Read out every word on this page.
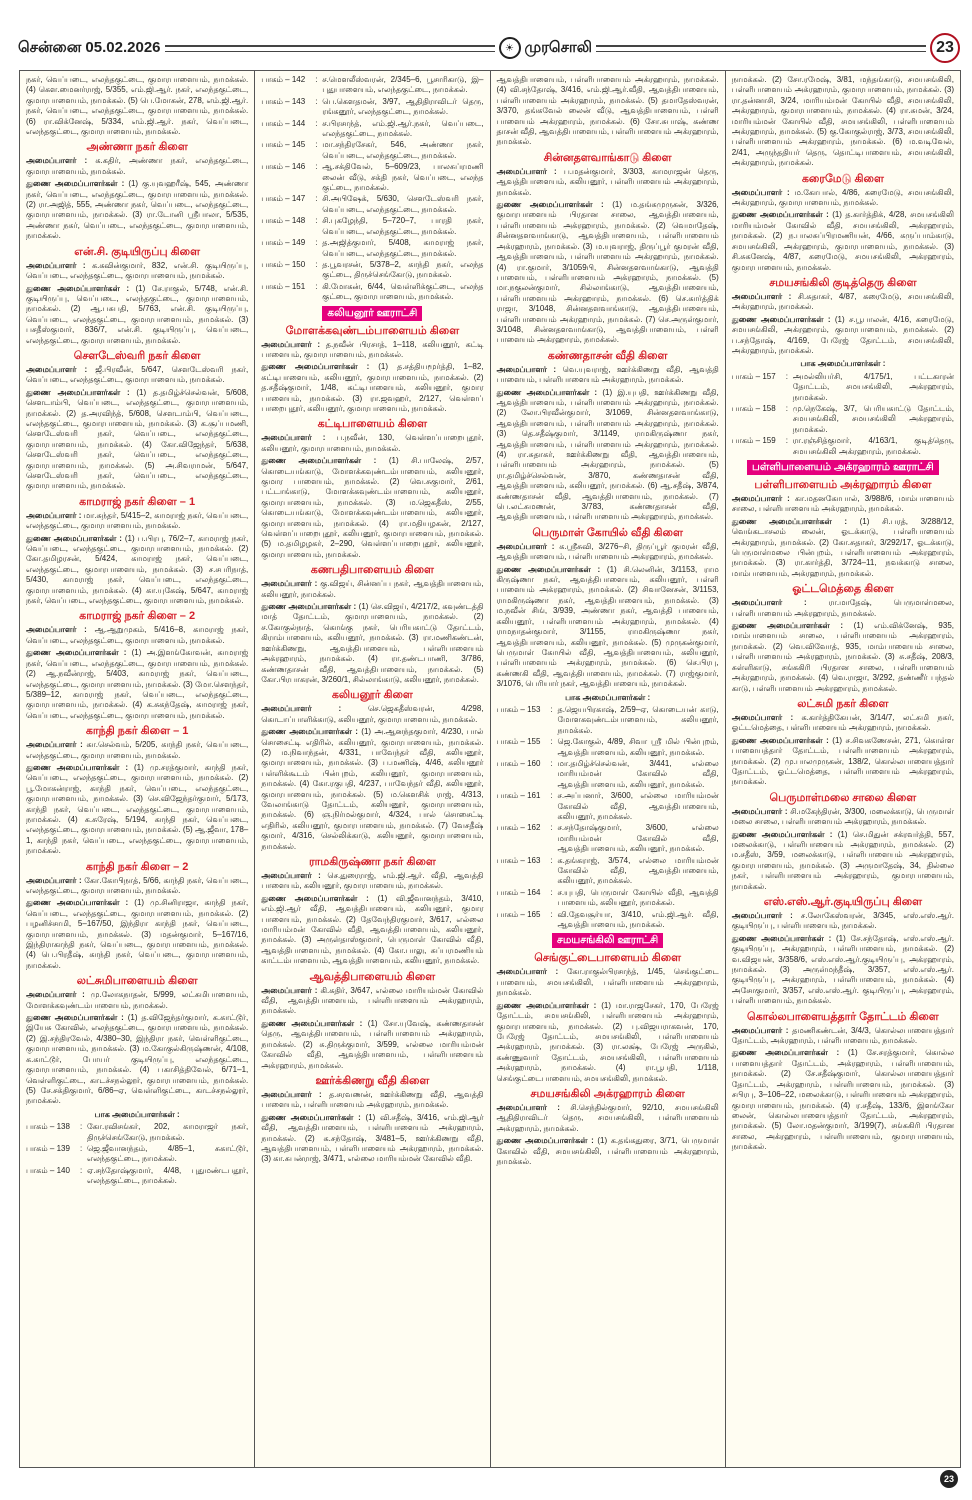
சென்னை 05.02.2026	☀ முரசொலி	23

நகர், வெப்படை, எலந்தகுட்டை, குமாரபாளையம், நாமக்கல். (4) கௌ.மைனர்ராஜ், 5/355, எம்.ஜி.ஆர். நகர், எலந்தகுட்டை, குமாரபாளையம், நாமக்கல். (5) பெ.மோகன், 278, எம்.ஜி.ஆர். நகர், வெப்படை, எலந்தகுட்டை, குமாரபாளையம், நாமக்கல். (6) ரா.விக்னேஷ், 5/334, எம்.ஜி.ஆர். நகர், வெப்படை, எலந்தகுட்டை, குமாரபாளையம், நாமக்கல்.

அண்ணா நகர் கிளை

அமைப்பாளர் : க.கதிர், அண்ணா நகர், எலந்தகுட்டை, குமாரபாளையம், நாமக்கல்.

துணை அமைப்பாளர்கள் : (1) கு.யுவஹரீஷ், 545, அண்ணா நகர், வெப்படை, எலந்தகுட்டை, குமாரபாளையம், நாமக்கல். (2) ரா.அஜித், 555, அண்ணா நகர், வெப்படை, எலந்தகுட்டை, குமாரபாளையம், நாமக்கல். (3) ரா.டோனி ஸ்ரீபாலா, 5/535, அண்ணா நகர், வெப்படை, எலந்தகுட்டை, குமாரபாளையம், நாமக்கல்.

என்.சி. குடியிருப்பு கிளை

அமைப்பாளர் : க.கவின்குமார், 832, என்.சி. குடியிருப்பு, வெப்படை, எலந்தகுட்டை, குமாரபாளையம், நாமக்கல்.

துணை அமைப்பாளர்கள் : (1) சே.ராகுல், 5/748, என்.சி. குடியிருப்பு, வெப்படை, எலந்தகுட்டை, குமாரபாளையம், நாமக்கல். (2) ஆ.பசுபதி, 5/763, என்.சி. குடியிருப்பு, வெப்படை, எலந்தகுட்டை, குமாரபாளையம், நாமக்கல். (3) பசதீஸ்குமார், 836/7, என்.சி. குடியிருப்பு, வெப்படை, எலந்தகுட்டை, குமாரபாளையம், நாமக்கல்.

செளடேஸ்வரி நகர் கிளை

அமைப்பாளர் : ஜீ.பிரவீன், 5/647, செளடேஸ்வரி நகர், வெப்படை, எலந்தகுட்டை, குமாரபாளையம், நாமக்கல்.

துணை அமைப்பாளர்கள் : (1) த.தமிழ்ச்செல்வன், 5/608, செளடாம்பி, வெப்படை, எலந்தகுட்டை, குமாரபாளையம், நாமக்கல். (2) த.அரவிந்த், 5/608, செளடாம்பி, வெப்படை, எலந்தகுட்டை, குமாரபாளையம், நாமக்கல். (3) க.சூப்பமணி, செளடேஸ்வரி நகர், வெப்படை, எலந்தகுட்டை, குமாரபாளையம், நாமக்கல். (4) கோ.விஜேந்தர், 5/638, செளடேஸ்வரி நகர், வெப்படை, எலந்தகுட்டை, குமாரபாளையம், நாமக்கல். (5) அ.சிவராமன், 5/647, செளடேஸ்வரி நகர், வெப்படை, எலந்தகுட்டை, குமாரபாளையம், நாமக்கல்.

காமராஜ் நகர் கிளை – 1

அமைப்பாளர் : மா.சுந்தர், 5/415–2, காமராஜ் நகர், வெப்படை, எலந்தகுட்டை, குமாரபாளையம், நாமக்கல்.

துணை அமைப்பாளர்கள் : (1) ப.பிரபு, 76/2–7, காமராஜ் நகர், வெப்படை, எலந்தகுட்டை, குமாரபாளையம், நாமக்கல். (2) கோ.தமிழரசன், 5/424, காமராஜ் நகர், வெப்படை, எலந்தகுட்டை, குமாரபாளையம், நாமக்கல். (3) ச.சபரிநாத், 5/430, காமராஜ் நகர், வெப்படை, எலந்தகுட்டை, குமாரபாளையம், நாமக்கல். (4) கா.யுகேஷ், 5/647, காமராஜ் நகர், வெப்படை, எலந்தகுட்டை, குமாரபாளையம், நாமக்கல்.

காமராஜ் நகர் கிளை – 2

அமைப்பாளர் : ஆ.ஆறுமுகம், 5/416–8, காமராஜ் நகர், வெப்படை, எலந்தகுட்டை, குமாரபாளையம், நாமக்கல்.

துணை அமைப்பாளர்கள் : (1) அ.இளங்கோவன், காமராஜ் நகர், வெப்படை, எலந்தகுட்டை, குமாரபாளையம், நாமக்கல். (2) ஆ.நவீன்ராஜ், 5/403, காமராஜ் நகர், வெப்படை, எலந்தகுட்டை, குமாரபாளையம், நாமக்கல். (3) மோ.செளந்தர், 5/389–12, காமராஜ் நகர், வெப்படை, எலந்தகுட்டை, குமாரபாளையம், நாமக்கல். (4) க.சுகந்தேஷ், காமராஜ் நகர், வெப்படை, எலந்தகுட்டை, குமாரபாளையம், நாமக்கல்.

காந்தி நகர் கிளை – 1

அமைப்பாளர் : கா.செல்வம், 5/205, காந்தி நகர், வெப்படை, எலந்தகுட்டை, குமாரபாளையம், நாமக்கல்.

துணை அமைப்பாளர்கள் : (1) மு.சரத்குமார், காந்தி நகர், வெப்படை, எலந்தகுட்டை, குமாரபாளையம், நாமக்கல். (2) பூ.மோகன்ராஜ், காந்தி நகர், வெப்படை, எலந்தகுட்டை, குமாரபாளையம், நாமக்கல். (3) செ.விஜேந்தர்குமார், 5/173, காந்தி நகர், வெப்படை, எலந்தகுட்டை, குமாரபாளையம், நாமக்கல். (4) க.சுரேஷ், 5/194, காந்தி நகர், வெப்படை, எலந்தகுட்டை, குமாரபாளையம், நாமக்கல். (5) ஆ.ஜீவா, 178–1, காந்தி நகர், வெப்படை, எலந்தகுட்டை, குமாரபாளையம், நாமக்கல்.

காந்தி நகர் கிளை – 2

அமைப்பாளர் : கோ.கோபிநாத், 5/66, காந்தி நகர், வெப்படை, எலந்தகுட்டை, குமாரபாளையம், நாமக்கல்.

துணை அமைப்பாளர்கள் : (1) மு.சினிராஜா, காந்தி நகர், வெப்படை, எலந்தகுட்டை, குமாரபாளையம், நாமக்கல். (2) பழனிச்சாமி, 5–167/50, இந்திரா காந்தி நகர், வெப்படை, குமாரபாளையம், நாமக்கல். (3) மதன்குமார், 5–167/16, இந்திராகாந்தி நகர், வெப்படை, குமாரபாளையம், நாமக்கல். (4) பெ.பிரதீஷ், காந்தி நகர், வெப்படை, குமாரபாளையம், நாமக்கல்.

லட்சுமிபாளையம் கிளை

அமைப்பாளர் : மு.லோகநாதன், 5/999, லட்சுமிபாளையம், மோளக்கவுண்டம்பாளையம், நாமக்கல்.

துணை அமைப்பாளர்கள் : (1) த.விஜேந்தர்குமார், க.காட்டூர், இயேசு கோவில், எலந்தகுட்டை, குமாரபாளையம், நாமக்கல். (2) இ.சந்திரவேல், 4/380–30, இந்திரா நகர், வெள்ளிகுட்டை, குமாரபாளையம், நாமக்கல். (3) ம.கோகுல்கிருஷ்ணன், 4/108, க.காட்டூர், போயர் குடியிருப்பு, எலந்தகுட்டை, குமாரபாளையம், நாமக்கல். (4) பகாசித்திவேல், 6/71–1, வெள்ளிகுட்டை, காடச்சநல்லூர், குமாரபாளையம், நாமக்கல். (5) சே.சக்திகுமார், 6/86–ஏ, வெள்ளிகுட்டை, காடச்சநல்லூர், நாமக்கல்.

பாக அமைப்பாளர்கள் :
பாகம் – 138	: கோ.ரவிசங்கர், 202, காமராஜர் நகர், திருச்செங்கோடு, நாமக்கல்.
பாகம் – 139	: ஜெ.ஜீவானந்தம், 4/85–1, சுகாட்டூர், எலந்தகுட்டை, நாமக்கல்.
பாகம் – 140	: ஏ.சந்தோஷ்குமார், 4/48, புதுமண்டபதூர், எலந்தகுட்டை, நாமக்கல்.
பாகம் – 142	: ச.மௌலீஸ்வரன், 2/345–6, பூசாரிகாடு, இ–புதுபாளையம், எலந்தகுட்டை, நாமக்கல்.
பாகம் – 143	: பெ.கௌதமன், 3/97, ஆதிதிராவிடர் தெரு, ரங்கனூர், எலந்தகுட்டை, நாமக்கல்.
பாகம் – 144	: ச.பிரசாந்த், எம்.ஜி.ஆர்.நகர், வெப்படை, எலந்தகுட்டை, நாமக்கல்.
பாகம் – 145	: மா.சந்திரசேகர், 546, அண்ணா நகர், வெப்படை, எலந்தகுட்டை, நாமக்கல்.
பாகம் – 146	: ஆ.சக்திவேல், 5–609/23, பாலசுப்ரமணி லைன் வீடு, சக்தி நகர், வெப்படை, எலந்த குட்டை, நாமக்கல்.
பாகம் – 147	: சி.அபிஷேக், 5/630, செளடேஸ்வரி நகர், வெப்படை, எலந்தகுட்டை, நாமக்கல்.
பாகம் – 148	: சி.புகழேந்தி, 5–720–7, பாரதி நகர், வெப்படை, எலந்தகுட்டை, நாமக்கல்.
பாகம் – 149	: த.அஜித்குமார், 5/408, காமராஜ் நகர், வெப்படை, எலந்தகுட்டை, நாமக்கல்.
பாகம் – 150	: த.பூவரசன், 5/378–2, காந்தி நகர், எலந்த குட்டை, திருச்செங்கோடு, நாமக்கல்.
பாகம் – 151	: கி.மோகன், 6/44, வெள்ளிக்குட்டை, எலந்த குட்டை, குமாரபாளையம், நாமக்கல்.
கலியனூர் ஊராட்சி
மோளக்கவுண்டம்பாளையம் கிளை

அமைப்பாளர் : த.நவீன் பிரசாத், 1–118, கலியனூர், கட்டி பாளையம், குமாரபாளையம், நாமக்கல்.

துணை அமைப்பாளர்கள் : (1) த.சத்தியமூர்த்தி, 1–82, கட்டிபாளையம், கலியனூர், குமாரபாளையம், நாமக்கல். (2) த.சதீஷ்குமார், 1/48, கட்டிபாளையம், கலியனூர், குமார பாளையம், நாமக்கல். (3) ரா.ஜவஹர், 2/127, வெள்ளப் பாறைபுதூர், கலியனூர், குமாரபாளையம், நாமக்கல்.

கட்டிபாளையம் கிளை

அமைப்பாளர் : ப.நவீன், 130, வெள்ளப்பாறைபுதூர், கலியனூர், குமாரபாளையம், நாமக்கல்.

துணை அமைப்பாளர்கள் : (1) சி.பாலேஷ், 2/57, கொடையங்காடு, மோளக்கவுண்டம்பாளையம், கலியனூர், குமார பாளையம், நாமக்கல். (2) வெ.சுகுமார், 2/61, பட்டாங்காடு, மோளக்கவுண்டம்பாளையம், கலியனூர், குமாரபாளையம், நாமக்கல். (3) ம.ஜெகதீஸ், 2/55, கொடையங்காடு, மோளக்கவுண்டம்பாளையம், கலியனூர், குமாரபாளையம், நாமக்கல். (4) ரா.மதியழகன், 2/127, வெள்ளப்பாறைபுதூர், கலியனூர், குமாரபாளையம், நாமக்கல். (5) ம.தமிழழகர், 2–290, வெள்ளப்பாறைபுதூர், கலியனூர், குமாரபாளையம், நாமக்கல்.

கணபதிபாளையம் கிளை

அமைப்பாளர் : கு.விஜய், சின்னப்ப நகர், ஆவத்திபாளையம், கலியனூர், நாமக்கல்.

துணை அமைப்பாளர்கள் : (1) செ.விஜய், 4/217/2, கவுண்டத்தி மாத் தோட்டம், குமாரபாளையம், நாமக்கல். (2) ச.கோகுல்நாத், கொங்கு நகர், பெரியகாட்டு தோட்டம், கிராம்பாளையம், கலியனூர், நாமக்கல். (3) ரா.மணிகண்டன், ஊர்க்கிணறு, ஆவத்திபாளையம், பள்ளிபாளையம் அக்ரஹாரம், நாமக்கல். (4) ரா.தண்டபாணி, 3/786, கண்ணதாசன் வீதி, ஆவத்திபாளையம், நாமக்கல். (5) கோ.பிரபாகரன், 3/260/1, சில்லாங்காடு, கலியனூர், நாமக்கல்.

கலியனூர் கிளை

அமைப்பாளர் : செ.ஜெகதீஸ்வரன், 4/298, கொடாப்பாளிக்காடு, கலியனூர், குமாரபாளையம், நாமக்கல்.

துணை அமைப்பாளர்கள் : (1) அ.ஆனந்தகுமார், 4/230, பால் சொசைட்டி எதிரில், கலியனூர், குமாரபாளையம், நாமக்கல். (2) ம.நிவாந்தன், 4/331, பாவேந்தர் வீதி, கலியனூர், குமாரபாளையம், நாமக்கல். (3) ப.மணிஷ், 4/46, கலியனூர் பள்ளிக்கூடம் பின்புறம், கலியனூர், குமாரபாளையம், நாமக்கல். (4) கோ.ரகுபதி, 4/237, பாவேந்தர் வீதி, கலியனூர், குமாரபாளையம், நாமக்கல். (5) ம.கௌசிக் ராஜ், 4/313, வேலாங்காடு தோட்டம், கலியனூர், குமாரபாளையம், நாமக்கல். (6) ஞ.நிர்மல்குமார், 4/324, பால் சொசைட்டி எதிரில், கலியனூர், குமாரபாளையம், நாமக்கல். (7) வேசதீஷ் குமார், 4/316, செல்லிக்காடு, கலியனூர், குமாரபாளையம், நாமக்கல்.

ராமகிருஷ்ணா நகர் கிளை

அமைப்பாளர் : செ.துரைராஜ், எம்.ஜி.ஆர். வீதி, ஆவத்தி பாளையம், கலியனூர், குமாரபாளையம், நாமக்கல்.

துணை அமைப்பாளர்கள் : (1) வி.ஜீவானந்தம், 3/410, எம்.ஜி.ஆர் வீதி, ஆவத்திபாளையம், கலியனூர், குமார பாளையம், நாமக்கல். (2) தேவேந்திரகுமார், 3/617, எல்லை மாரியம்மன் கோவில் வீதி, ஆவத்திபாளையம், கலியனூர், நாமக்கல். (3) அருள்தாஸ்குமார், பெருமாள் கோவில் வீதி, ஆவத்திபாளையம், நாமக்கல். (4) கோ.பாலு, சுப்பரமணியம் காட்டம்பாளையம், ஆவத்திபாளையம், கலியனூர், நாமக்கல்.

ஆவத்திபாளையம் கிளை

அமைப்பாளர் : கி.கதிர், 3/647, எல்லை மாரியம்மன் கோவில் வீதி, ஆவத்திபாளையம், பள்ளிபாளையம் அக்ரஹாரம், நாமக்கல்.

துணை அமைப்பாளர்கள் : (1) சோ.யுவேஷ், கண்ணதாசன் தெரு, ஆவத்திபாளையம், பள்ளிபாளையம் அக்ரஹாரம், நாமக்கல். (2) சு.திருக்குமார், 3/599, எல்லை மாரியம்மன் கோவில் வீதி, ஆவத்திபாளையம், பள்ளிபாளையம் அக்ரஹாரம், நாமக்கல்.

ஊர்க்கிணறு வீதி கிளை

அமைப்பாளர் : த.சரவணன், ஊர்க்கிணறு வீதி, ஆவத்தி பாளையம், பள்ளிபாளையம் அக்ரஹாரம், நாமக்கல்.

துணை அமைப்பாளர்கள் : (1) வி.சதீஷ், 3/416, எம்.ஜி.ஆர் வீதி, ஆவத்திபாளையம், பள்ளிபாளையம் அக்ரஹாரம், நாமக்கல். (2) க.சந்தோஷ், 3/481–5, ஊர்க்கிணறு வீதி, ஆவத்திபாளையம், பள்ளிபாளையம் அக்ரஹாரம், நாமக்கல். (3) கா.சுபன்ராஜ், 3/471, எல்லை மாரியம்மன் கோவில் வீதி.

ஆவத்திபாளையம், பள்ளிபாளையம் அக்ரஹாரம், நாமக்கல். (4) வி.சந்தோஷ், 3/416, எம்.ஜி.ஆர்.வீதி, ஆவத்திபாளையம், பள்ளிபாளையம் அக்ரஹாரம், நாமக்கல். (5) தமாதேஸ்வரன், 3/370, தங்கவேல் லைன் வீடு, ஆவத்திபாளையம், பள்ளி பாளையம் அக்ரஹாரம், நாமக்கல். (6) சோ.சுபாஷ், கண்ண தாசன் வீதி, ஆவத்திபாளையம், பள்ளிபாளையம் அக்ரஹாரம், நாமக்கல்.

சின்னதளவாங்காடு கிளை

அமைப்பாளர் : ப.மதன்குமார், 3/303, காமராஜன் தெரு, ஆவத்திபாளையம், கலியனூர், பள்ளிபாளையம் அக்ரஹாரம், நாமக்கல்.

துணை அமைப்பாளர்கள் : (1) ம.தங்கமுருகன், 3/326, குமாரபாளையம் பிரதான சாலை, ஆவத்திபாளையம், பள்ளிபாளையம் அக்ரஹாரம், நாமக்கல். (2) வெமாதேஷ், சின்னதளவாங்காடு, ஆவத்திபாளையம், பள்ளிபாளையம் அக்ரஹாரம், நாமக்கல். (3) ம.யுவராஜ், திருப்பூர் குமரன் வீதி, ஆவத்திபாளையம், பள்ளிபாளையம் அக்ரஹாரம், நாமக்கல். (4) ரா.குமார், 3/1059பி, சின்னதளவாங்காடு, ஆவத்தி பாளையம், பள்ளிபாளையம் அக்ரஹாரம், நாமக்கல். (5) மா.நகுலன்குமார், சில்லாங்காடு, ஆவத்திபாளையம், பள்ளிபாளையம் அக்ரஹாரம், நாமக்கல். (6) செ.கார்த்திக் ராஜா, 3/1048, சின்னதளவாங்காடு, ஆவத்திபாளையம், பள்ளிபாளையம் அக்ரஹாரம், நாமக்கல். (7) செ.அருள்குமார், 3/1048, சின்னதளவாங்காடு, ஆவத்திபாளையம், பள்ளி பாளையம் அக்ரஹாரம், நாமக்கல்.

கண்ணதாசன் வீதி கிளை

அமைப்பாளர் : வெ.யுவராஜ், ஊர்க்கிணறு வீதி, ஆவத்தி பாளையம், பள்ளிபாளையம் அக்ரஹாரம், நாமக்கல்.

துணை அமைப்பாளர்கள் : (1) இ.யுபதி, ஊர்க்கிணறு வீதி, ஆவத்திபாளையம், பள்ளிபாளையம் அக்ரஹாரம், நாமக்கல். (2) லோ.பிரவீன்குமார், 3/1069, சின்னதளவாங்காடு, ஆவத்திபாளையம், பள்ளிபாளையம் அக்ரஹாரம், நாமக்கல். (3) தெ.சதீஷ்குமார், 3/1149, ராமகிருஷ்ணா நகர், ஆவத்திபாளையம், பள்ளிபாளையம் அக்ரஹாரம், நாமக்கல். (4) ரா.சுதாகர், ஊர்க்கிணறு வீதி, ஆவத்திபாளையம், பள்ளிபாளையம் அக்ரஹாரம், நாமக்கல். (5) ரா.தமிழ்ச்செல்வன், 3/870, கண்ணதாசன் வீதி, ஆவத்திபாளையம், கலியனூர், நாமக்கல். (6) ஆ.சதீஷ், 3/874, கண்ணதாசன் வீதி, ஆவத்திபாளையம், நாமக்கல். (7) பெ.லட்சுமணன், 3/783, கண்ணதாசன் வீதி, ஆவத்திபாளையம், பள்ளிபாளையம் அக்ரஹாரம், நாமக்கல்.

பெருமாள் கோயில் வீதி கிளை

அமைப்பாளர் : க.ஸ்ரீசுவி, 3/276–சி, திருப்பூர் குமரன் வீதி, ஆவத்திபாளையம், பள்ளிபாளையம் அக்ரஹாரம், நாமக்கல்.

துணை அமைப்பாளர்கள் : (1) சி.லெனின், 3/1153, ராம கிருஷ்ணா நகர், ஆவத்திபாளையம், கலியனூர், பள்ளி பாளையம் அக்ரஹாரம், நாமக்கல். (2) சிவானேசன், 3/1153, ராமகிருஷ்ணா நகர், ஆவத்திபாளையம், நாமக்கல். (3) ம.நவீன் சிங், 3/939, அண்ணா நகர், ஆவத்தி பாளையம், கலியனூர், பள்ளிபாளையம் அக்ரஹாரம், நாமக்கல். (4) ராமநாதன்குமார், 3/1155, ராமகிருஷ்ணா நகர், ஆவத்திபாளையம், கலியனூர், நாமக்கல். (5) முருகன்குமார், பெருமாள் கோயில் வீதி, ஆவத்திபாளையம், கலியனூர், பள்ளிபாளையம் அக்ரஹாரம், நாமக்கல். (6) செ.பிரபு, கண்ணகி வீதி, ஆவத்திபாளையம், நாமக்கல். (7) ராஜ்குமார், 3/1076, பெரியார் நகர், ஆவத்திபாளையம், நாமக்கல்.

பாக அமைப்பாளர்கள் :
பாகம் – 153	: த.ஜெயபிரகாஷ், 2/59–ஏ, கொடையன் காடு, மோளகவுண்டம்பாளையம், கலியனூர், நாமக்கல்.
பாகம் – 155	: ஜெ.கோகுல், 4/89, சிவா ஸ்ரீ மில் பின்புறம், ஆவத்திபாளையம், கலியனூர், நாமக்கல்.
பாகம் – 160	: மா.தமிழ்ச்செல்வன், 3/441, எல்லை மாரியம்மன் கோவில் வீதி, ஆவத்திபாளையம், கலியனூர், நாமக்கல்.
பாகம் – 161	: ச.அப்பனார், 3/600, எல்லை மாரியம்மன் கோவில் வீதி, ஆவத்திபாளையம், கலியனூர், நாமக்கல்.
பாகம் – 162	: ச.சந்தோஷ்குமார், 3/600, எல்லை மாரியம்மன் கோவில் வீதி, ஆவத்திபாளையம், கலியனூர், நாமக்கல்.
பாகம் – 163	: க.தங்கராஜ், 3/574, எல்லை மாரியம்மன் கோவில் வீதி, ஆவத்திபாளையம், கலியனூர், நாமக்கல்.
பாகம் – 164	: ச.யுபதி, பெருமாள் கோயில் வீதி, ஆவத்தி பாளையம், கலியனூர், நாமக்கல்.
பாகம் – 165	: வி.தேவசூர்யா, 3/410, எம்.ஜி.ஆர். வீதி, ஆவத்திபாளையம், நாமக்கல்.
சமயசங்கிலி ஊராட்சி
செங்குட்டைபாளையம் கிளை

அமைப்பாளர் : கோ.ராகுல்பிரசாந்த், 1/45, செங்குட்டை பாளையம், சமயசங்கிலி, பள்ளிபாளையம் அக்ரஹாரம், நாமக்கல்.

துணை அமைப்பாளர்கள் : (1) மா.ராஜசேகர், 170, பேரேஜ் தோட்டம், சமயசங்கிலி, பள்ளிபாளையம் அக்ரஹாரம், குமாரபாளையம், நாமக்கல். (2) பு.விஜயராகவன், 170, பேரேஜ் தோட்டம், சமயசங்கிலி, பள்ளிபாளையம் அக்ரஹாரம், நாமக்கல். (3) ரா.லக்ஷ், பேரேஜ் அருகில், கண்ணுவார் தோட்டம், சமயசங்கிலி, பள்ளிபாளையம் அக்ரஹாரம், நாமக்கல். (4) ரா.பூபதி, 1/118, செங்குட்டைபாளையம், சமயசங்கிலி, நாமக்கல்.

சமயசங்கிலி அக்ரஹாரம் கிளை

அமைப்பாளர் : சி.செந்தில்குமார், 92/10, சமயசங்கிலி ஆதிதிராவிடர் தெரு, சமயசங்கிலி, பள்ளிபாளையம் அக்ரஹாரம், நாமக்கல்.

துணை அமைப்பாளர்கள் : (1) க.தங்கதுரை, 3/71, பெருமாள் கோவில் வீதி, சமயசங்கிலி, பள்ளிபாளையம் அக்ரஹாரம், நாமக்கல்.

நாமக்கல். (2) சோ.ரமேஷ், 3/81, மந்தங்காடு, சமயசங்கிலி, பள்ளிபாளையம் அக்ரஹாரம், குமாரபாளையம், நாமக்கல். (3) ரா.தன்னாசி, 3/24, மாரியம்மன் கோயில் வீதி, சமயசங்கிலி, அக்ரஹாரம், குமாரபாளையம், நாமக்கல். (4) ரா.சுமன், 3/24, மாரியம்மன் கோயில் வீதி, சமயசங்கிலி, பள்ளிபாளையம் அக்ரஹாரம், நாமக்கல். (5) கு.கோகுல்ராஜ், 3/73, சமயசங்கிலி, பள்ளிபாளையம் அக்ரஹாரம், நாமக்கல். (6) ம.வடிவேல், 2/41, அருந்ததியர் தெரு, தொட்டிபாளையம், சமயசங்கிலி, அக்ரஹாரம், நாமக்கல்.

கரைமேடு கிளை

அமைப்பாளர் : ம.கோபால், 4/86, கரைமேடு, சமயசங்கிலி, அக்ரஹாரம், குமாரபாளையம், நாமக்கல்.

துணை அமைப்பாளர்கள் : (1) த.கார்த்திக், 4/28, சமயசங்கிலி மாரியம்மன் கோவில் வீதி, சமயசங்கிலி, அக்ரஹாரம், நாமக்கல். (2) ந.பாலசுப்பிரமணியன், 4/66, கருப்பாம்காடு, சமயசங்கிலி, அக்ரஹாரம், குமாரபாளையம், நாமக்கல். (3) சி.சுகனேஷ், 4/87, கரைமேடு, சமயசங்கிலி, அக்ரஹாரம், குமாரபாளையம், நாமக்கல்.

சமயசங்கிலி குடித்தெரு கிளை

அமைப்பாளர் : சி.சுதாகர், 4/87, கரைமேடு, சமயசங்கிலி, அக்ரஹாரம், நாமக்கல்.

துணை அமைப்பாளர்கள் : (1) ச.பூபாலன், 4/16, கரைமேடு, சமயசங்கிலி, அக்ரஹாரம், குமாரபாளையம், நாமக்கல். (2) ப.சந்தோஷ், 4/169, பேரேஜ் தோட்டம், சமயசங்கிலி, அக்ரஹாரம், நாமக்கல்.

பாக அமைப்பாளர்கள் :
பாகம் – 157	: அமல்லியர்சி, 4/175/1, பட்டகாரன் தோட்டம், சமயசங்கிலி, அக்ரஹாரம், நாமக்கல்.
பாகம் – 158	: மு.நெகேஷ், 3/7, பெரியகாட்டு தோட்டம், சமயசங்கிலி, சமயசங்கிலி அக்ரஹாரம், நாமக்கல்.
பாகம் – 159	: ரா.ரஞ்சித்குமார், 4/163/1, குடித்தெரு, சமயசங்கிலி அக்ரஹாரம், நாமக்கல்.
பள்ளிபாளையம் அக்ரஹாரம் ஊராட்சி
பள்ளிபாளையம் அக்ரஹாரம் கிளை

அமைப்பாளர் : கா.மதனகோபால், 3/988/6, மாம்பாளையம் சாலை, பள்ளிபாளையம் அக்ரஹாரம், நாமக்கல்.

துணை அமைப்பாளர்கள் : (1) சி.பரத், 3/288/12, வெங்கடாசலம் லைன், ஓடக்காடு, பள்ளிபாளையம் அக்ரஹாரம், நாமக்கல். (2) கோ.சுதாகர், 3/292/17, ஓடக்காடு, பெருமாள்மலை பின்புறம், பள்ளிபாளையம் அக்ரஹாரம், நாமக்கல். (3) ரா.கார்த்தி, 3/724–11, நவக்காடு சாலை, மாம்பாளையம், அக்ரஹாரம், நாமக்கல்.

ஓட்டமெத்தை கிளை

அமைப்பாளர் : ரா.மாதேஷ், பெருமாள்மலை, பள்ளிபாளையம் அக்ரஹாரம், நாமக்கல்.

துணை அமைப்பாளர்கள் : (1) எம்.விக்னேஷ், 935, மாம்பாளையம் சாலை, பள்ளிபாளையம் அக்ரஹாரம், நாமக்கல். (2) வெ.விவோத், 935, மாம்பாளையம் சாலை, பள்ளிபாளையம் அக்ரஹாரம், நாமக்கல். (3) சு.சதீஷ், 208/3, சுள்ளிகாடு, சங்ககிரி பிரதான சாலை, பள்ளிபாளையம் அக்ரஹாரம், நாமக்கல். (4) வெ.ராஜா, 3/292, தண்ணீர் பந்தல் காடு, பள்ளிபாளையம் அக்ரஹாரம், நாமக்கல்.

லட்சுமி நகர் கிளை

அமைப்பாளர் : க.கார்த்திகேயன், 3/14/7, லட்சுமி நகர், ஓட்டமெத்தை, பள்ளிபாளையம் அக்ரஹாரம், நாமக்கல்.

துணை அமைப்பாளர்கள் : (1) ச.சிவகணேசன், 271, கொள்ள பாளையத்தார் தோட்டம், பள்ளிபாளையம் அக்ரஹாரம், நாமக்கல். (2) மு.பாலமுருகன், 138/2, கொல்லபாளையத்தார் தோட்டம், ஓட்டமெத்தை, பள்ளிபாளையம் அக்ரஹாரம், நாமக்கல்.

பெருமாள்மலை சாலை கிளை

அமைப்பாளர் : சி.மகேந்திரன், 3/300, மலைக்காடு, பெருமாள் மலை சாலை, பள்ளிபாளையம் அக்ரஹாரம், நாமக்கல்.

துணை அமைப்பாளர்கள் : (1) செ.மிதுன் சக்ரவர்த்தி, 557, மலைக்காடு, பள்ளிபாளையம் அக்ரஹாரம், நாமக்கல். (2) ம.சதீஸ், 3/59, மலைக்காடு, பள்ளிபாளையம் அக்ரஹாரம், குமாரபாளையம், நாமக்கல். (3) அருமாதேஷ், 34, தில்லை நகர், பள்ளிபாளையம் அக்ரஹாரம், குமாரபாளையம், நாமக்கல்.

எஸ்.எஸ்.ஆர்.குடியிருப்பு கிளை

அமைப்பாளர் : ச.லோகேஸ்வரன், 3/345, எஸ்.எஸ்.ஆர். குடியிருப்பு, பள்ளிபாளையம், நாமக்கல்.

துணை அமைப்பாளர்கள் : (1) சே.சந்தோஷ், எஸ்.எஸ்.ஆர். குடியிருப்பு, அக்ரஹாரம், பள்ளிபாளையம், நாமக்கல். (2) வ.விஜயன், 3/358/6, எஸ்.எஸ்.ஆர்.குடியிருப்பு, அக்ரஹாரம், நாமக்கல். (3) அருள்மந்தீஷ், 3/357, எஸ்.எஸ்.ஆர். குடியிருப்பு, அக்ரஹாரம், பள்ளிபாளையம், நாமக்கல். (4) அசோகுமார், 3/357, எஸ்.எஸ்.ஆர். குடியிருப்பு, அக்ரஹாரம், பள்ளிபாளையம், நாமக்கல்.

கொல்லபாளையத்தார் தோட்டம் கிளை

அமைப்பாளர் : தமணிகண்டன், 3/4/3, கொல்லபாளையத்தார் தோட்டம், அக்ரஹாரம், பள்ளிபாளையம், நாமக்கல்.

துணை அமைப்பாளர்கள் : (1) சே.சரத்குமார், கொல்ல பாளையத்தார் தோட்டம், அக்ரஹாரம், பள்ளிபாளையம், நாமக்கல். (2) சே.சதீஷ்குமார், கொல்லபாளையத்தார் தோட்டம், அக்ரஹாரம், பள்ளிபாளையம், நாமக்கல். (3) சபிரபு, 3–106–22, மலைக்காடு, பள்ளிபாளையம் அக்ரஹாரம், குமாரபாளையம், நாமக்கல். (4) ர.சதீஷ், 133/6, இளங்கோ லைன், கொல்லபாளையத்தார் தோட்டம், அக்ரஹாரம், நாமக்கல். (5) லோ.மதன்குமார், 3/199(7), சங்ககிரி பிரதான சாலை, அக்ரஹாரம், பள்ளிபாளையம், குமாரபாளையம், நாமக்கல்.

23
